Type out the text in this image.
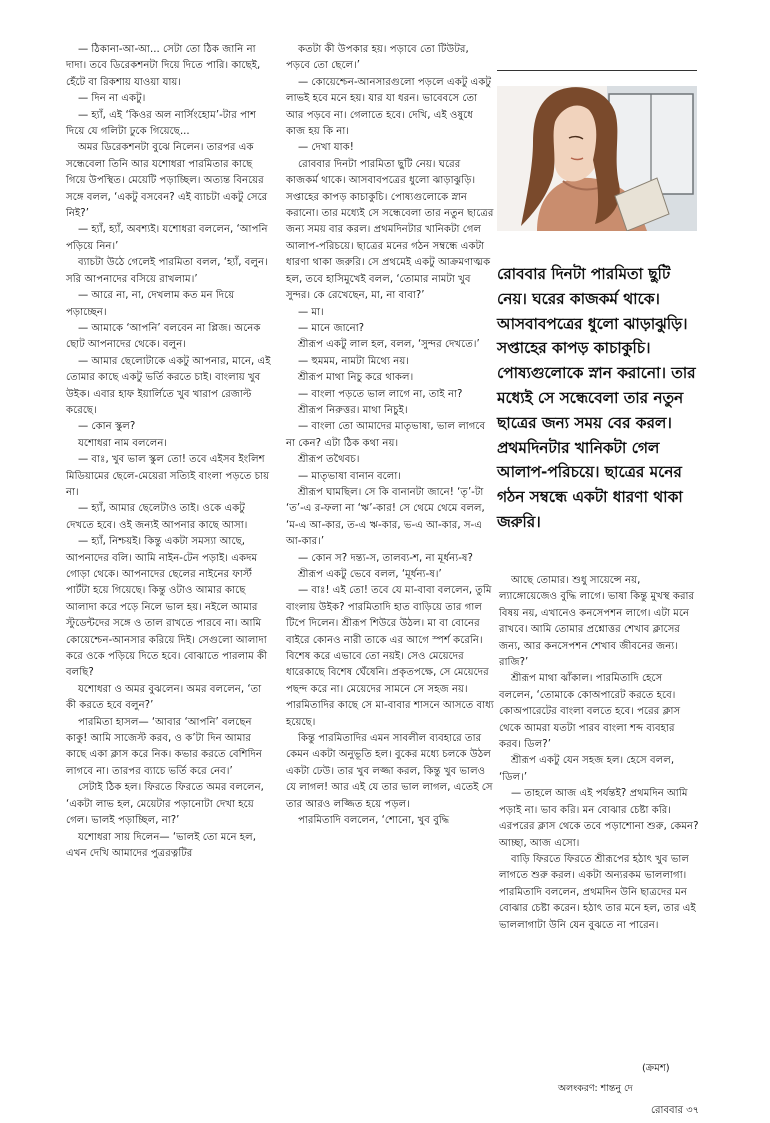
— ঠিকানা-আ-আ... সেটা তো ঠিক জানি না দাদা। তবে ডিরেকশনটা দিয়ে দিতে পারি। কাছেই, হেঁটে বা রিকশায় যাওয়া যায়।

— দিন না একটু।

— হ্যাঁ, এই ‘কিওর অল নার্সিংহোম’-টার পাশ দিয়ে যে গলিটা ঢুকে গিয়েছে...

অমর ডিরেকশনটা বুঝে নিলেন। তারপর এক সন্ধেবেলা তিনি আর যশোধরা পারমিতার কাছে গিয়ে উপস্থিত। মেয়েটি পড়াচ্ছিল। অত্যন্ত বিনয়ের সঙ্গে বলল, ‘একটু বসবেন? এই ব্যাচটা একটু সেরে নিই?’

— হ্যাঁ, হ্যাঁ, অবশ্যই। যশোধরা বললেন, ‘আপনি পড়িয়ে নিন।’

ব্যাচটা উঠে গেলেই পারমিতা বলল, ‘হ্যাঁ, বলুন। সরি আপনাদের বসিয়ে রাখলাম।’

— আরে না, না, দেখলাম কত মন দিয়ে পড়াচ্ছেন।

— আমাকে ‘আপনি’ বলবেন না প্লিজ। অনেক ছোট আপনাদের থেকে। বলুন।

— আমার ছেলোটাকে একটু আপনার, মানে, এই তোমার কাছে একটু ভর্তি করতে চাই। বাংলায় খুব উইক। এবার হাফ ইয়ার্লিতে খুব খারাপ রেজাল্ট করেছে।

— কোন স্কুল?

যশোধরা নাম বললেন।

— বাঃ, খুব ভাল স্কুল তো! তবে এইসব ইংলিশ মিডিয়ামের ছেলে-মেয়েরা সত্যিই বাংলা পড়তে চায় না।

— হ্যাঁ, আমার ছেলেটাও তাই। ওকে একটু দেখতে হবে। ওই জন্যই আপনার কাছে আসা।

— হ্যাঁ, নিশ্চয়ই। কিন্তু একটা সমস্যা আছে, আপনাদের বলি। আমি নাইন-টেন পড়াই। একদম গোড়া থেকে। আপনাদের ছেলের নাইনের ফার্স্ট পার্টটা হয়ে গিয়েছে। কিন্তু ওটাও আমার কাছে আলাদা করে পড়ে নিলে ভাল হয়। নইলে আমার স্টুডেন্টদের সঙ্গে ও তাল রাখতে পারবে না। আমি কোয়েশ্চেন-আনসার করিয়ে দিই। সেগুলো আলাদা করে ওকে পড়িয়ে দিতে হবে। বোঝাতে পারলাম কী বলছি?

যশোধরা ও অমর বুঝলেন। অমর বললেন, ‘তা কী করতে হবে বলুন?’

পারমিতা হাসল— ‘আবার ‘আপনি’ বলছেন কাকু! আমি সাজেস্ট করব, ও ক’টা দিন আমার কাছে একা ক্লাস করে নিক। কভার করতে বেশিদিন লাগবে না। তারপর ব্যাচে ভর্তি করে নেব।’

সেটাই ঠিক হল। ফিরতে ফিরতে অমর বললেন, ‘একটা লাভ হল, মেয়েটার পড়ানোটা দেখা হয়ে গেল। ভালই পড়াচ্ছিল, না?’

যশোধরা সায় দিলেন— ‘ভালই তো মনে হল, এখন দেখি আমাদের পুত্ররত্নটির

কতটা কী উপকার হয়। পড়াবে তো টিউটর, পড়বে তো ছেলে।’

— কোয়েশ্চেন-আনসারগুলো পড়লে একটু একটু লাভই হবে মনে হয়। যার যা ধরন। ভাবেবসে তো আর পড়বে না। গেলাতে হবে। দেখি, এই ওষুধে কাজ হয় কি না।

— দেখা যাক!

রোববার দিনটা পারমিতা ছুটি নেয়। ঘরের কাজকর্ম থাকে। আসবাবপত্রের ধুলো ঝাড়াঝুড়ি। সপ্তাহের কাপড় কাচাকুচি। পোষ্যগুলোকে স্নান করানো। তার মধ্যেই সে সন্ধেবেলা তার নতুন ছাত্রের জন্য সময় বার করল। প্রথমদিনটার খানিকটা গেল আলাপ-পরিচয়ে। ছাত্রের মনের গঠন সম্বন্ধে একটা ধারণা থাকা জরুরি। সে প্রথমেই একটু আক্রমণাত্মক হল, তবে হাসিমুখেই বলল, ‘তোমার নামটা খুব সুন্দর। কে রেখেছেন, মা, না বাবা?’

— মা।

— মানে জানো?

শ্রীরূপ একটু লাল হল, বলল, ‘সুন্দর দেখতে।’

— হুমমম, নামটা মিথ্যে নয়।

শ্রীরূপ মাথা নিচু করে থাকল।

— বাংলা পড়তে ভাল লাগে না, তাই না?

শ্রীরূপ নিরুত্তর। মাথা নিচুই।

— বাংলা তো আমাদের মাতৃভাষা, ভাল লাগবে না কেন? এটা ঠিক কথা নয়।

শ্রীরূপ তথৈবচ।

— মাতৃভাষা বানান বলো।

শ্রীরূপ ঘামছিল। সে কি বানানটা জানে! ‘তৃ’-টা ‘ত’-এ র-ফলা না ‘ঋ’-কার! সে থেমে থেমে বলল, ‘ম-এ আ-কার, ত-এ ঋ-কার, ভ-এ আ-কার, স-এ আ-কার।’

— কোন স? দন্ত্য-স, তালব্য-শ, না মূর্ধন্য-ষ?

শ্রীরূপ একটু ভেবে বলল, ‘মূর্ধন্য-ষ।’

— বাঃ! এই তো! তবে যে মা-বাবা বললেন, তুমি বাংলায় উইক? পারমিতাদি হাত বাড়িয়ে তার গাল টিপে দিলেন। শ্রীরূপ শিউরে উঠল। মা বা বোনের বাইরে কোনও নারী তাকে এর আগে স্পর্শ করেনি। বিশেষ করে এভাবে তো নয়ই। সেও মেয়েদের ধারেকাছে বিশেষ ঘেঁষেনি। প্রকৃতপক্ষে, সে মেয়েদের পছন্দ করে না। মেয়েদের সামনে সে সহজ নয়। পারমিতাদির কাছে সে মা-বাবার শাসনে আসতে বাধ্য হয়েছে।

কিন্তু পারমিতাদির এমন সাবলীল ব্যবহারে তার কেমন একটা অনুভূতি হল। বুকের মধ্যে চলকে উঠল একটা ঢেউ। তার খুব লজ্জা করল, কিন্তু খুব ভালও যে লাগল! আর এই যে তার ভাল লাগল, এতেই সে তার আরও লজ্জিত হয়ে পড়ল।

পারমিতাদি বললেন, ‘শোনো, খুব বুদ্ধি

রোববার দিনটা পারমিতা ছুটি নেয়। ঘরের কাজকর্ম থাকে। আসবাবপত্রের ধুলো ঝাড়াঝুড়ি। সপ্তাহের কাপড় কাচাকুচি। পোষ্যগুলোকে স্নান করানো। তার মধ্যেই সে সন্ধেবেলা তার নতুন ছাত্রের জন্য সময় বের করল। প্রথমদিনটার খানিকটা গেল আলাপ-পরিচয়ে। ছাত্রের মনের গঠন সম্বন্ধে একটা ধারণা থাকা জরুরি।

আছে তোমার। শুধু সায়েন্সে নয়, ল্যাঙ্গোয়েজেও বুদ্ধি লাগে। ভাষা কিন্তু মুখস্থ করার বিষয় নয়, এখানেও কনসেপশন লাগে। এটা মনে রাখবে। আমি তোমার প্রশ্নোত্তর শেখাব ক্লাসের জন্য, আর কনসেপশন শেখাব জীবনের জন্য। রাজি?’

শ্রীরূপ মাথা ঝাঁকাল। পারমিতাদি হেসে বললেন, ‘তোমাকে কোঅপারেট করতে হবে। কোঅপারেটের বাংলা বলতে হবে। পরের ক্লাস থেকে আমরা যতটা পারব বাংলা শব্দ ব্যবহার করব। ডিল?’

শ্রীরূপ একটু যেন সহজ হল। হেসে বলল, ‘ডিল।’

— তাহলে আজ এই পর্যন্তই? প্রথমদিন আমি পড়াই না। ভাব করি। মন বোঝার চেষ্টা করি। এরপরের ক্লাস থেকে তবে পড়াশোনা শুরু, কেমন? আচ্ছা, আজ এসো।

বাড়ি ফিরতে ফিরতে শ্রীরূপের হঠাৎ খুব ভাল লাগতে শুরু করল। একটা অন্যরকম ভাললাগা। পারমিতাদি বললেন, প্রথমদিন উনি ছাত্রদের মন বোঝার চেষ্টা করেন। হঠাৎ তার মনে হল, তার এই ভাললাগাটা উনি যেন বুঝতে না পারেন।

(ক্রমশ)
অলংকরণ: শান্তনু দে
রোববার ৩৭
